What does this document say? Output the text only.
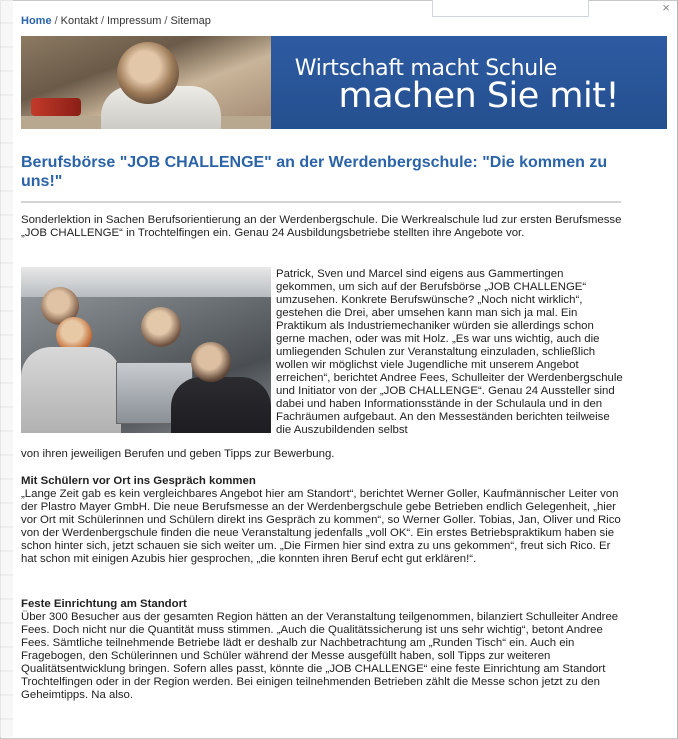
×
Home / Kontakt / Impressum / Sitemap
Wirtschaft macht Schule
machen Sie mit!
Berufsbörse "JOB CHALLENGE" an der Werdenbergschule: "Die kommen zu uns!"

Sonderlektion in Sachen Berufsorientierung an der Werdenbergschule. Die Werkrealschule lud zur ersten Berufsmesse „JOB CHALLENGE“ in Trochtelfingen ein. Genau 24 Ausbildungsbetriebe stellten ihre Angebote vor.

Patrick, Sven und Marcel sind eigens aus Gammertingen gekommen, um sich auf der Berufsbörse „JOB CHALLENGE“ umzusehen. Konkrete Berufswünsche? „Noch nicht wirklich“, gestehen die Drei, aber umsehen kann man sich ja mal. Ein Praktikum als Industriemechaniker würden sie allerdings schon gerne machen, oder was mit Holz. „Es war uns wichtig, auch die umliegenden Schulen zur Veranstaltung einzuladen, schließlich wollen wir möglichst viele Jugendliche mit unserem Angebot erreichen“, berichtet Andree Fees, Schulleiter der Werdenbergschule und Initiator von der „JOB CHALLENGE“. Genau 24 Aussteller sind dabei und haben Informationsstände in der Schulaula und in den Fachräumen aufgebaut. An den Messeständen berichten teilweise die Auszubildenden selbst

von ihren jeweiligen Berufen und geben Tipps zur Bewerbung.

Mit Schülern vor Ort ins Gespräch kommen
„Lange Zeit gab es kein vergleichbares Angebot hier am Standort“, berichtet Werner Goller, Kaufmännischer Leiter von der Plastro Mayer GmbH. Die neue Berufsmesse an der Werdenbergschule gebe Betrieben endlich Gelegenheit, „hier vor Ort mit Schülerinnen und Schülern direkt ins Gespräch zu kommen“, so Werner Goller. Tobias, Jan, Oliver und Rico von der Werdenbergschule finden die neue Veranstaltung jedenfalls „voll OK“. Ein erstes Betriebspraktikum haben sie schon hinter sich, jetzt schauen sie sich weiter um. „Die Firmen hier sind extra zu uns gekommen“, freut sich Rico. Er hat schon mit einigen Azubis hier gesprochen, „die konnten ihren Beruf echt gut erklären!“.
Feste Einrichtung am Standort
Über 300 Besucher aus der gesamten Region hätten an der Veranstaltung teilgenommen, bilanziert Schulleiter Andree Fees. Doch nicht nur die Quantität muss stimmen. „Auch die Qualitätssicherung ist uns sehr wichtig“, betont Andree Fees. Sämtliche teilnehmende Betriebe lädt er deshalb zur Nachbetrachtung am „Runden Tisch“ ein. Auch ein Fragebogen, den Schülerinnen und Schüler während der Messe ausgefüllt haben, soll Tipps zur weiteren Qualitätsentwicklung bringen. Sofern alles passt, könnte die „JOB CHALLENGE“ eine feste Einrichtung am Standort Trochtelfingen oder in der Region werden. Bei einigen teilnehmenden Betrieben zählt die Messe schon jetzt zu den Geheimtipps. Na also.
